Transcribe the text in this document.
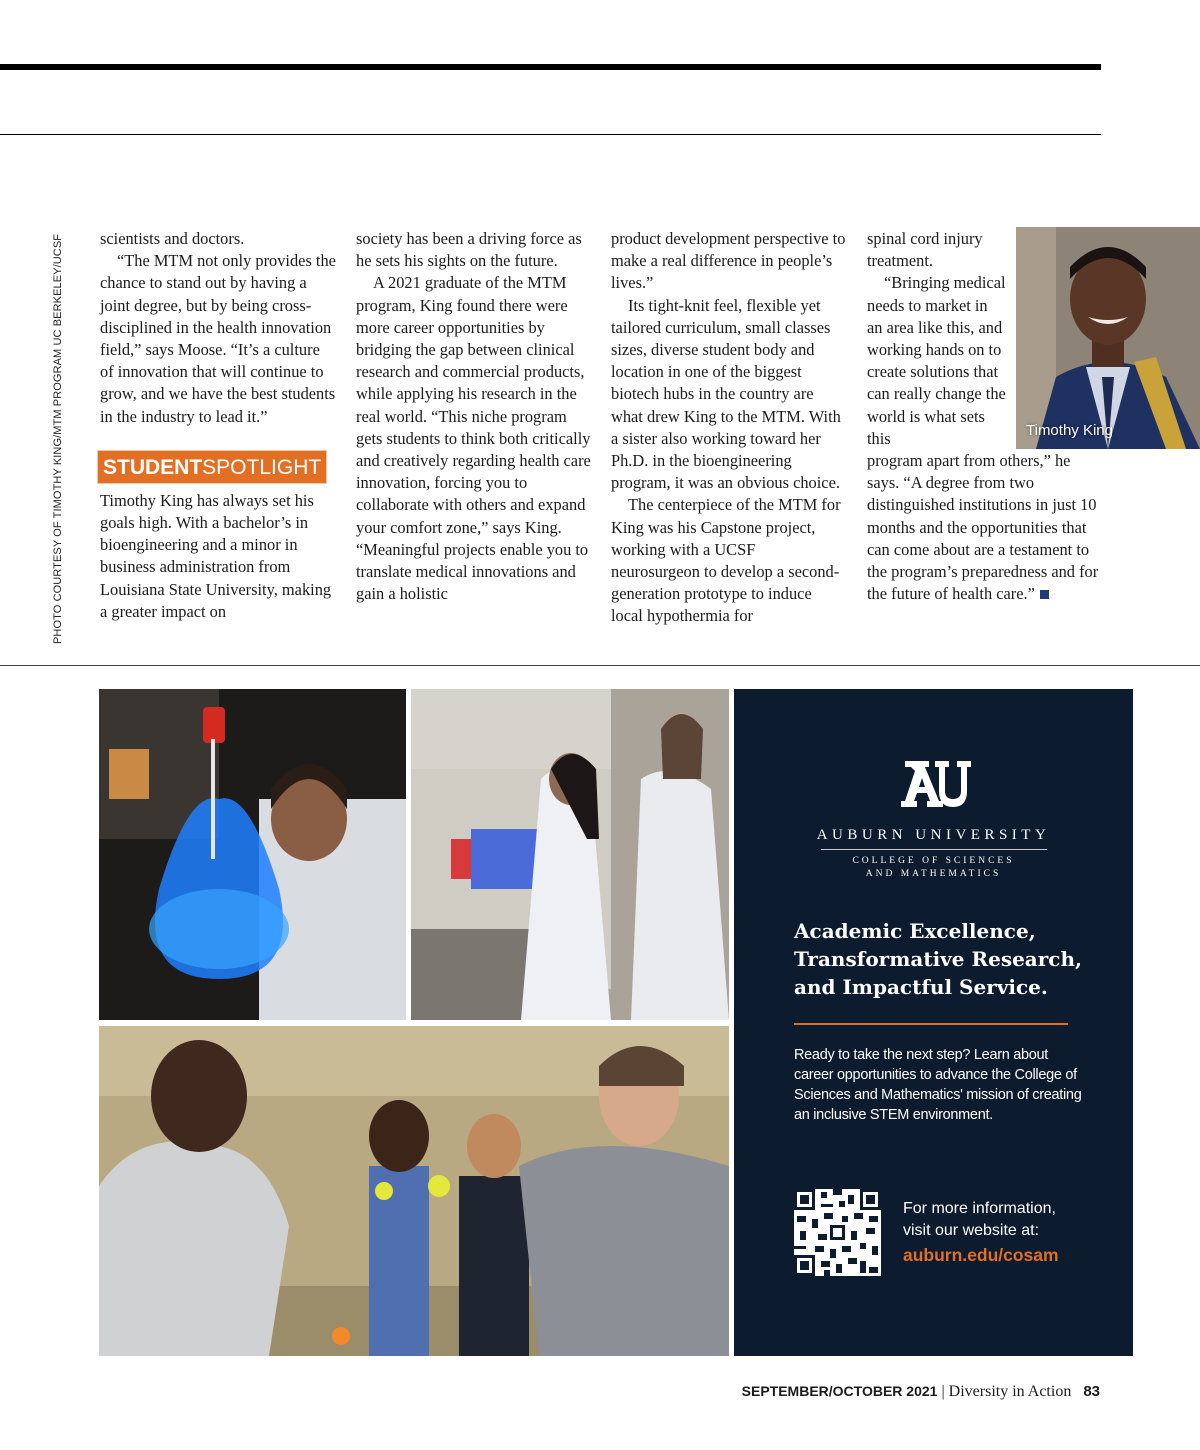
PHOTO COURTESY OF TIMOTHY KING/MTM PROGRAM UC BERKELEY/UCSF scientists and doctors.

“The MTM not only provides the chance to stand out by having a joint degree, but by being cross-disciplined in the health innovation field,” says Moose. “It’s a culture of innovation that will continue to grow, and we have the best students in the industry to lead it.”

STUDENTSPOTLIGHT

Timothy King has always set his goals high. With a bachelor’s in bioengineering and a minor in business administration from Louisiana State University, making a greater impact on

society has been a driving force as he sets his sights on the future.

A 2021 graduate of the MTM program, King found there were more career opportunities by bridging the gap between clinical research and commercial products, while applying his research in the real world. “This niche program gets students to think both critically and creatively regarding health care innovation, forcing you to collaborate with others and expand your comfort zone,” says King. “Meaningful projects enable you to translate medical innovations and gain a holistic

product development perspective to make a real difference in people’s lives.”

Its tight-knit feel, flexible yet tailored curriculum, small classes sizes, diverse student body and location in one of the biggest biotech hubs in the country are what drew King to the MTM. With a sister also working toward her Ph.D. in the bioengineering program, it was an obvious choice.

The centerpiece of the MTM for King was his Capstone project, working with a UCSF neurosurgeon to develop a second-generation prototype to induce local hypothermia for

spinal cord injury treatment.

“Bringing medical needs to market in an area like this, and working hands on to create solutions that can really change the world is what sets this

program apart from others,” he says. “A degree from two distinguished institutions in just 10 months and the opportunities that can come about are a testament to the program’s preparedness and for the future of health care.”

Timothy King
AUBURN UNIVERSITY
COLLEGE OF SCIENCES
AND MATHEMATICS
Academic Excellence, Transformative Research, and Impactful Service.
Ready to take the next step? Learn about career opportunities to advance the College of Sciences and Mathematics' mission of creating an inclusive STEM environment.
For more information,
visit our website at:
auburn.edu/cosam
SEPTEMBER/OCTOBER 2021 | Diversity in Action 83
